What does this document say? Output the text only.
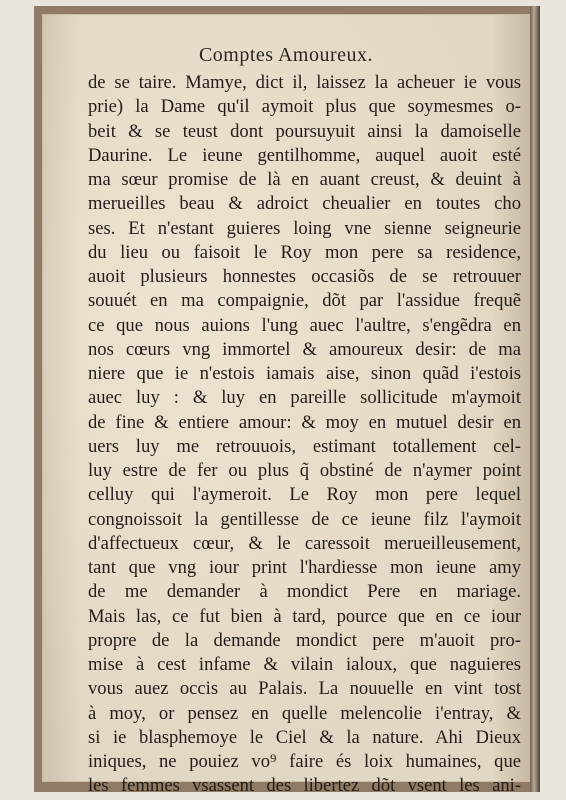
Comptes Amoureux.
de se taire. Mamye, dict il, laissez la acheuer ie vous
prie) la Dame qu'il aymoit plus que soymesmes o-
beit & se teust dont poursuyuit ainsi la damoiselle
Daurine. Le ieune gentilhomme, auquel auoit esté
ma sœur promise de là en auant creust, & deuint à
merueilles beau & adroict cheualier en toutes cho
ses. Et n'estant guieres loing vne sienne seigneurie
du lieu ou faisoit le Roy mon pere sa residence,
auoit plusieurs honnestes occasiõs de se retrouuer
souuét en ma compaignie, dõt par l'assidue frequẽ
ce que nous auions l'ung auec l'aultre, s'engẽdra en
nos cœurs vng immortel & amoureux desir: de ma
niere que ie n'estois iamais aise, sinon quãd i'estois
auec luy : & luy en pareille sollicitude m'aymoit
de fine & entiere amour: & moy en mutuel desir en
uers luy me retrouuois, estimant totallement cel-
luy estre de fer ou plus q̃ obstiné de n'aymer point
celluy qui l'aymeroit. Le Roy mon pere lequel
congnoissoit la gentillesse de ce ieune filz l'aymoit
d'affectueux cœur, & le caressoit merueilleusement,
tant que vng iour print l'hardiesse mon ieune amy
de me demander à mondict Pere en mariage.
Mais las, ce fut bien à tard, pource que en ce iour
propre de la demande mondict pere m'auoit pro-
mise à cest infame & vilain ialoux, que naguieres
vous auez occis au Palais. La nouuelle en vint tost
à moy, or pensez en quelle melencolie i'entray, &
si ie blasphemoye le Ciel & la nature. Ahi Dieux
iniques, ne pouiez vo⁹ faire és loix humaines, que
les femmes vsassent des libertez dõt vsent les ani-
